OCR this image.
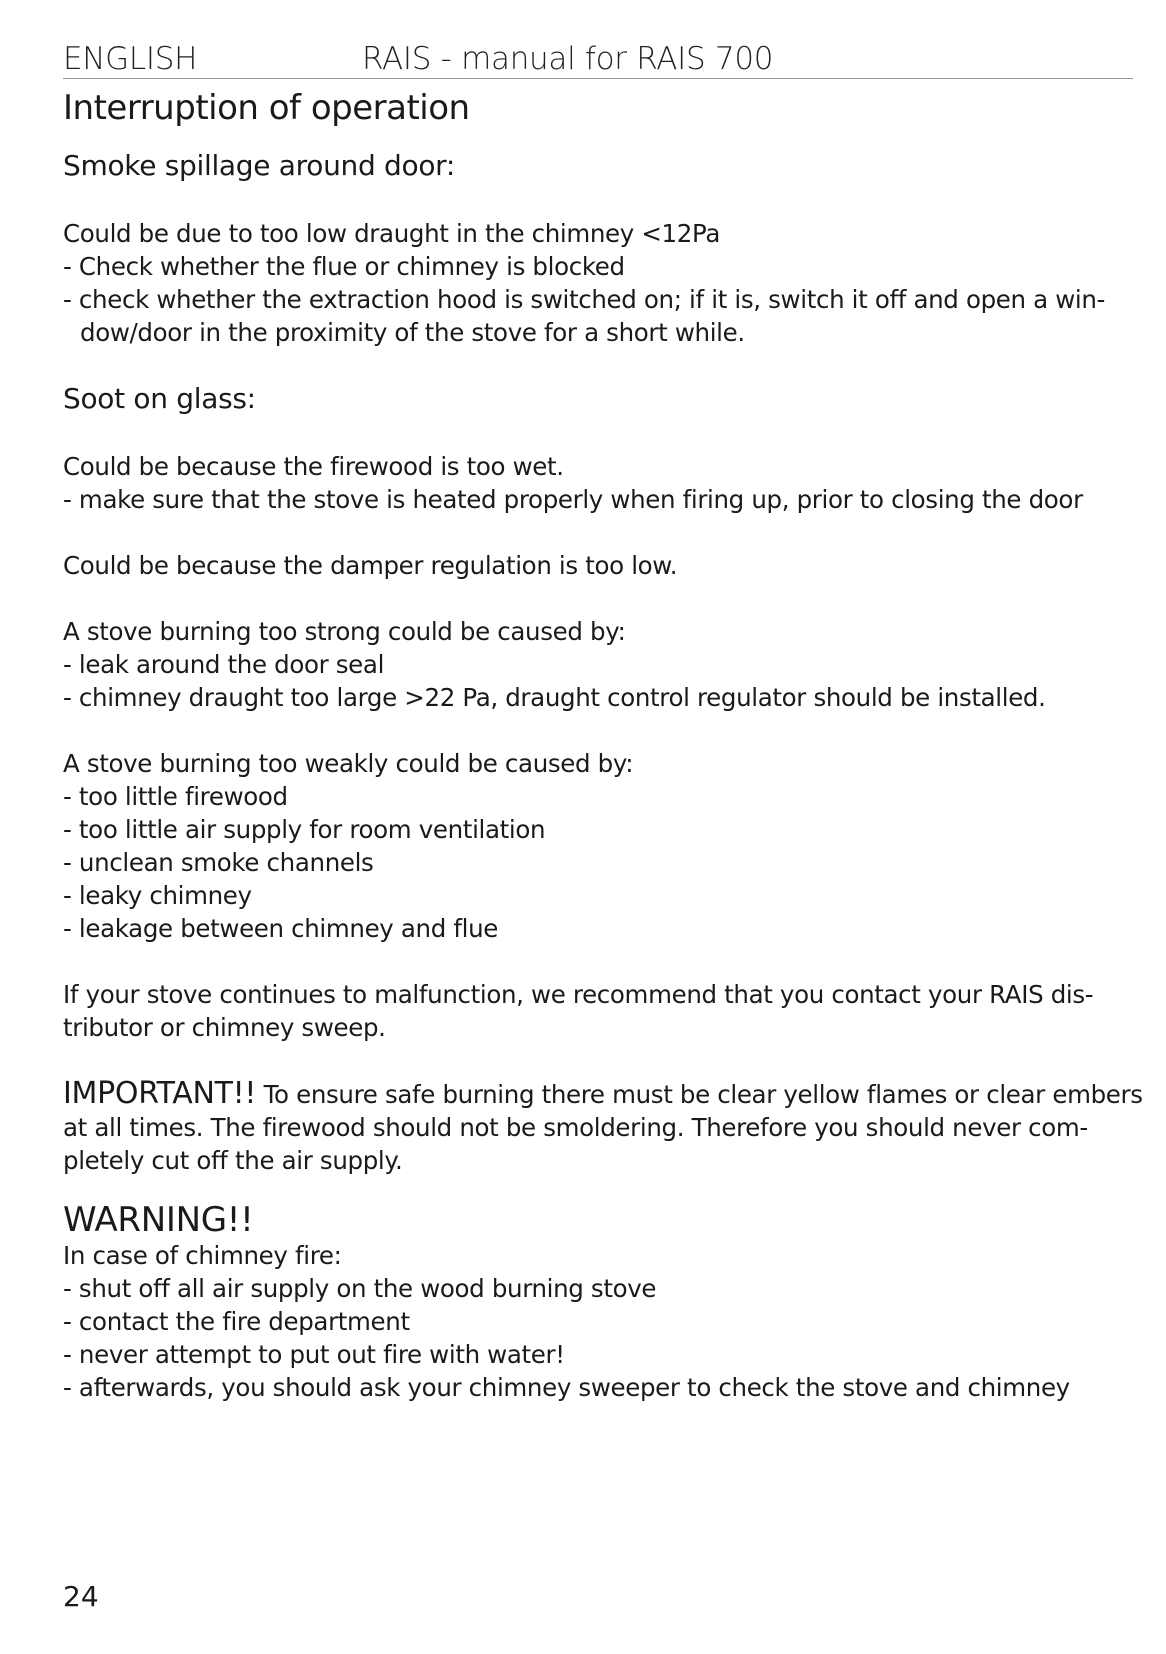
ENGLISH	RAIS - manual for RAIS 700
Interruption of operation
Smoke spillage around door:
Could be due to too low draught in the chimney <12Pa
- Check whether the flue or chimney is blocked
- check whether the extraction hood is switched on; if it is, switch it off and open a win-
dow/door in the proximity of the stove for a short while.
Soot on glass:
Could be because the firewood is too wet.
- make sure that the stove is heated properly when firing up, prior to closing the door
Could be because the damper regulation is too low.
A stove burning too strong could be caused by:
- leak around the door seal
- chimney draught too large >22 Pa, draught control regulator should be installed.
A stove burning too weakly could be caused by:
- too little firewood
- too little air supply for room ventilation
- unclean smoke channels
- leaky chimney
- leakage between chimney and flue
If your stove continues to malfunction, we recommend that you contact your RAIS dis-
tributor or chimney sweep.
IMPORTANT!! To ensure safe burning there must be clear yellow flames or clear embers
at all times. The firewood should not be smoldering. Therefore you should never com-
pletely cut off the air supply.
WARNING!!
In case of chimney fire:
- shut off all air supply on the wood burning stove
- contact the fire department
- never attempt to put out fire with water!
- afterwards, you should ask your chimney sweeper to check the stove and chimney
24
